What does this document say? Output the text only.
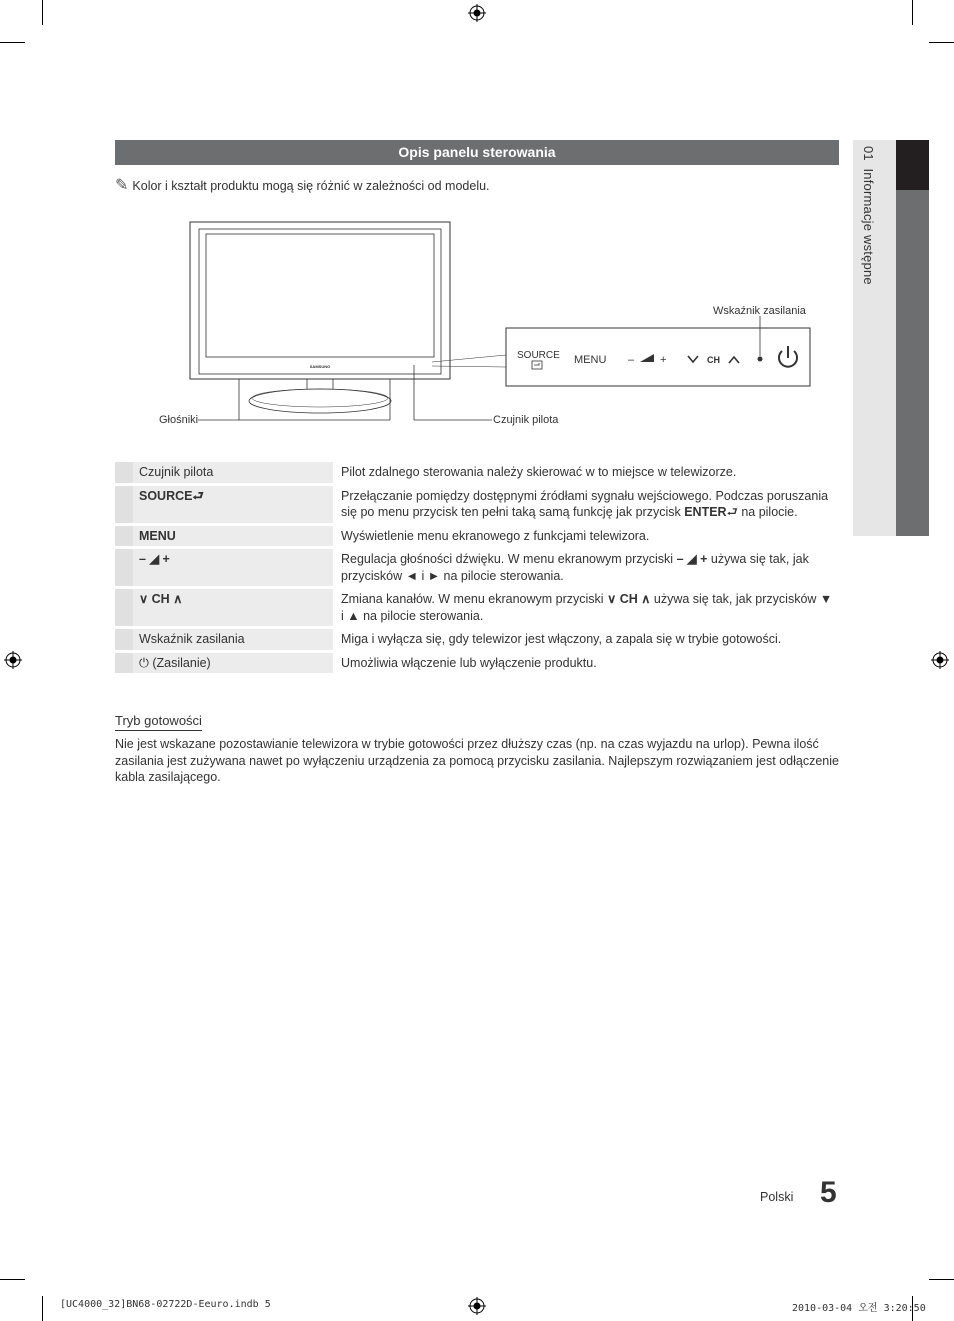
01  Informacje wstępne
Opis panelu sterowania
✎ Kolor i kształt produktu mogą się różnić w zależności od modelu.
SAMSUNG
SOURCE MENU – +	CH
Głośniki	Czujnik pilota
Wskaźnik zasilania
	Czujnik pilota	Pilot zdalnego sterowania należy skierować w to miejsce w telewizorze.
	SOURCE⮐	Przełączanie pomiędzy dostępnymi źródłami sygnału wejściowego. Podczas poruszania się po menu przycisk ten pełni taką samą funkcję jak przycisk ENTER⮐ na pilocie.
	MENU	Wyświetlenie menu ekranowego z funkcjami telewizora.
	– ◢ +	Regulacja głośności dźwięku. W menu ekranowym przyciski – ◢ + używa się tak, jak przycisków ◄ i ► na pilocie sterowania.
	∨ CH ∧	Zmiana kanałów. W menu ekranowym przyciski ∨ CH ∧ używa się tak, jak przycisków ▼ i ▲ na pilocie sterowania.
	Wskaźnik zasilania	Miga i wyłącza się, gdy telewizor jest włączony, a zapala się w trybie gotowości.
	⏻ (Zasilanie)	Umożliwia włączenie lub wyłączenie produktu.
Tryb gotowości
Nie jest wskazane pozostawianie telewizora w trybie gotowości przez dłuższy czas (np. na czas wyjazdu na urlop). Pewna ilość zasilania jest zużywana nawet po wyłączeniu urządzenia za pomocą przycisku zasilania. Najlepszym rozwiązaniem jest odłączenie kabla zasilającego.
Polski 5
[UC4000_32]BN68-02722D-Eeuro.indb 5	2010-03-04 오전 3:20:50
